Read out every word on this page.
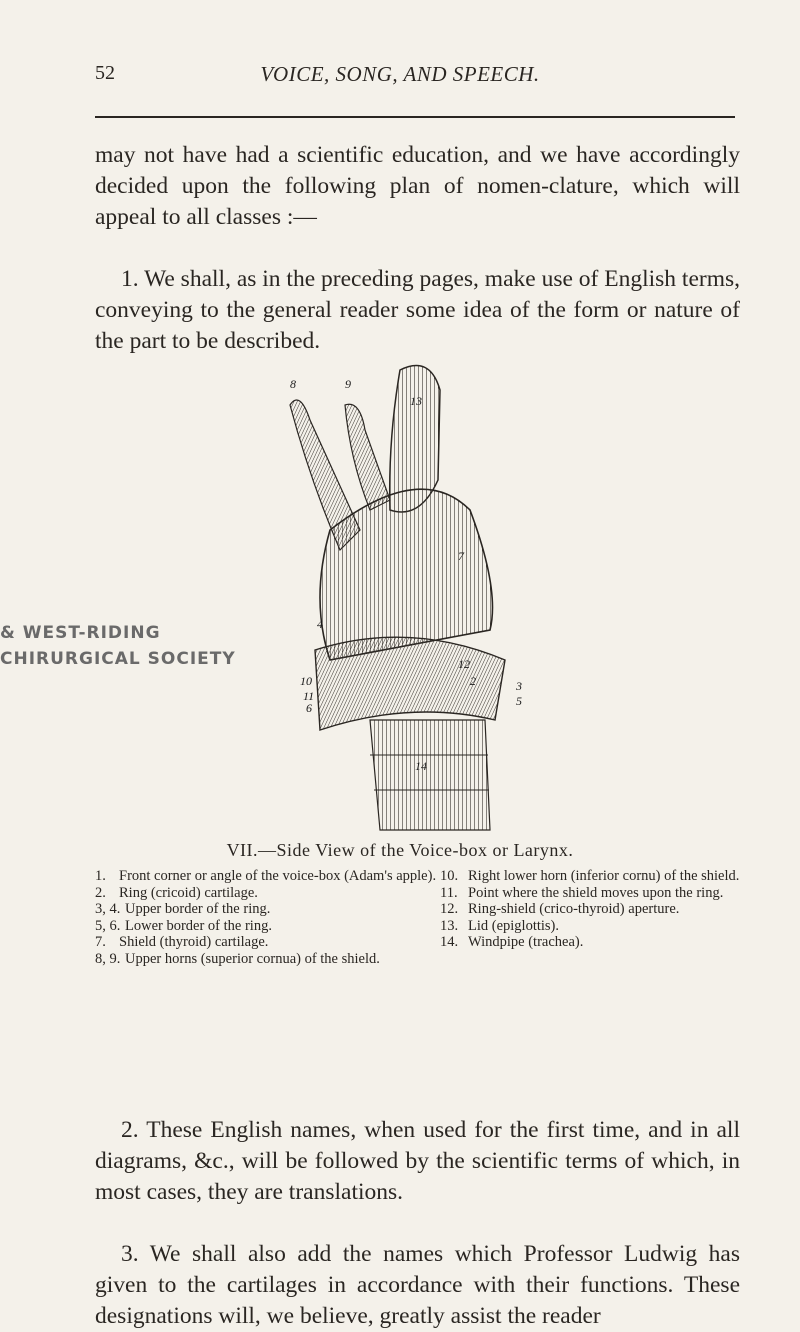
52	VOICE, SONG, AND SPEECH.

may not have had a scientific education, and we have accordingly decided upon the following plan of nomen-clature, which will appeal to all classes :—

1. We shall, as in the preceding pages, make use of English terms, conveying to the general reader some idea of the form or nature of the part to be described.

& WEST-RIDING
CHIRURGICAL SOCIETY
8	9
13
7
4
12
10
11
2	3
6	5
14
VII.—Side View of the Voice-box or Larynx.
1. Front corner or angle of the voice-box (Adam's apple).
2. Ring (cricoid) cartilage.
3, 4. Upper border of the ring.
5, 6. Lower border of the ring.
7. Shield (thyroid) cartilage.
8, 9. Upper horns (superior cornua) of the shield.
10. Right lower horn (inferior cornu) of the shield.
11. Point where the shield moves upon the ring.
12. Ring-shield (crico-thyroid) aperture.
13. Lid (epiglottis).
14. Windpipe (trachea).

2. These English names, when used for the first time, and in all diagrams, &c., will be followed by the scientific terms of which, in most cases, they are translations.

3. We shall also add the names which Professor Ludwig has given to the cartilages in accordance with their functions. These designations will, we believe, greatly assist the reader
